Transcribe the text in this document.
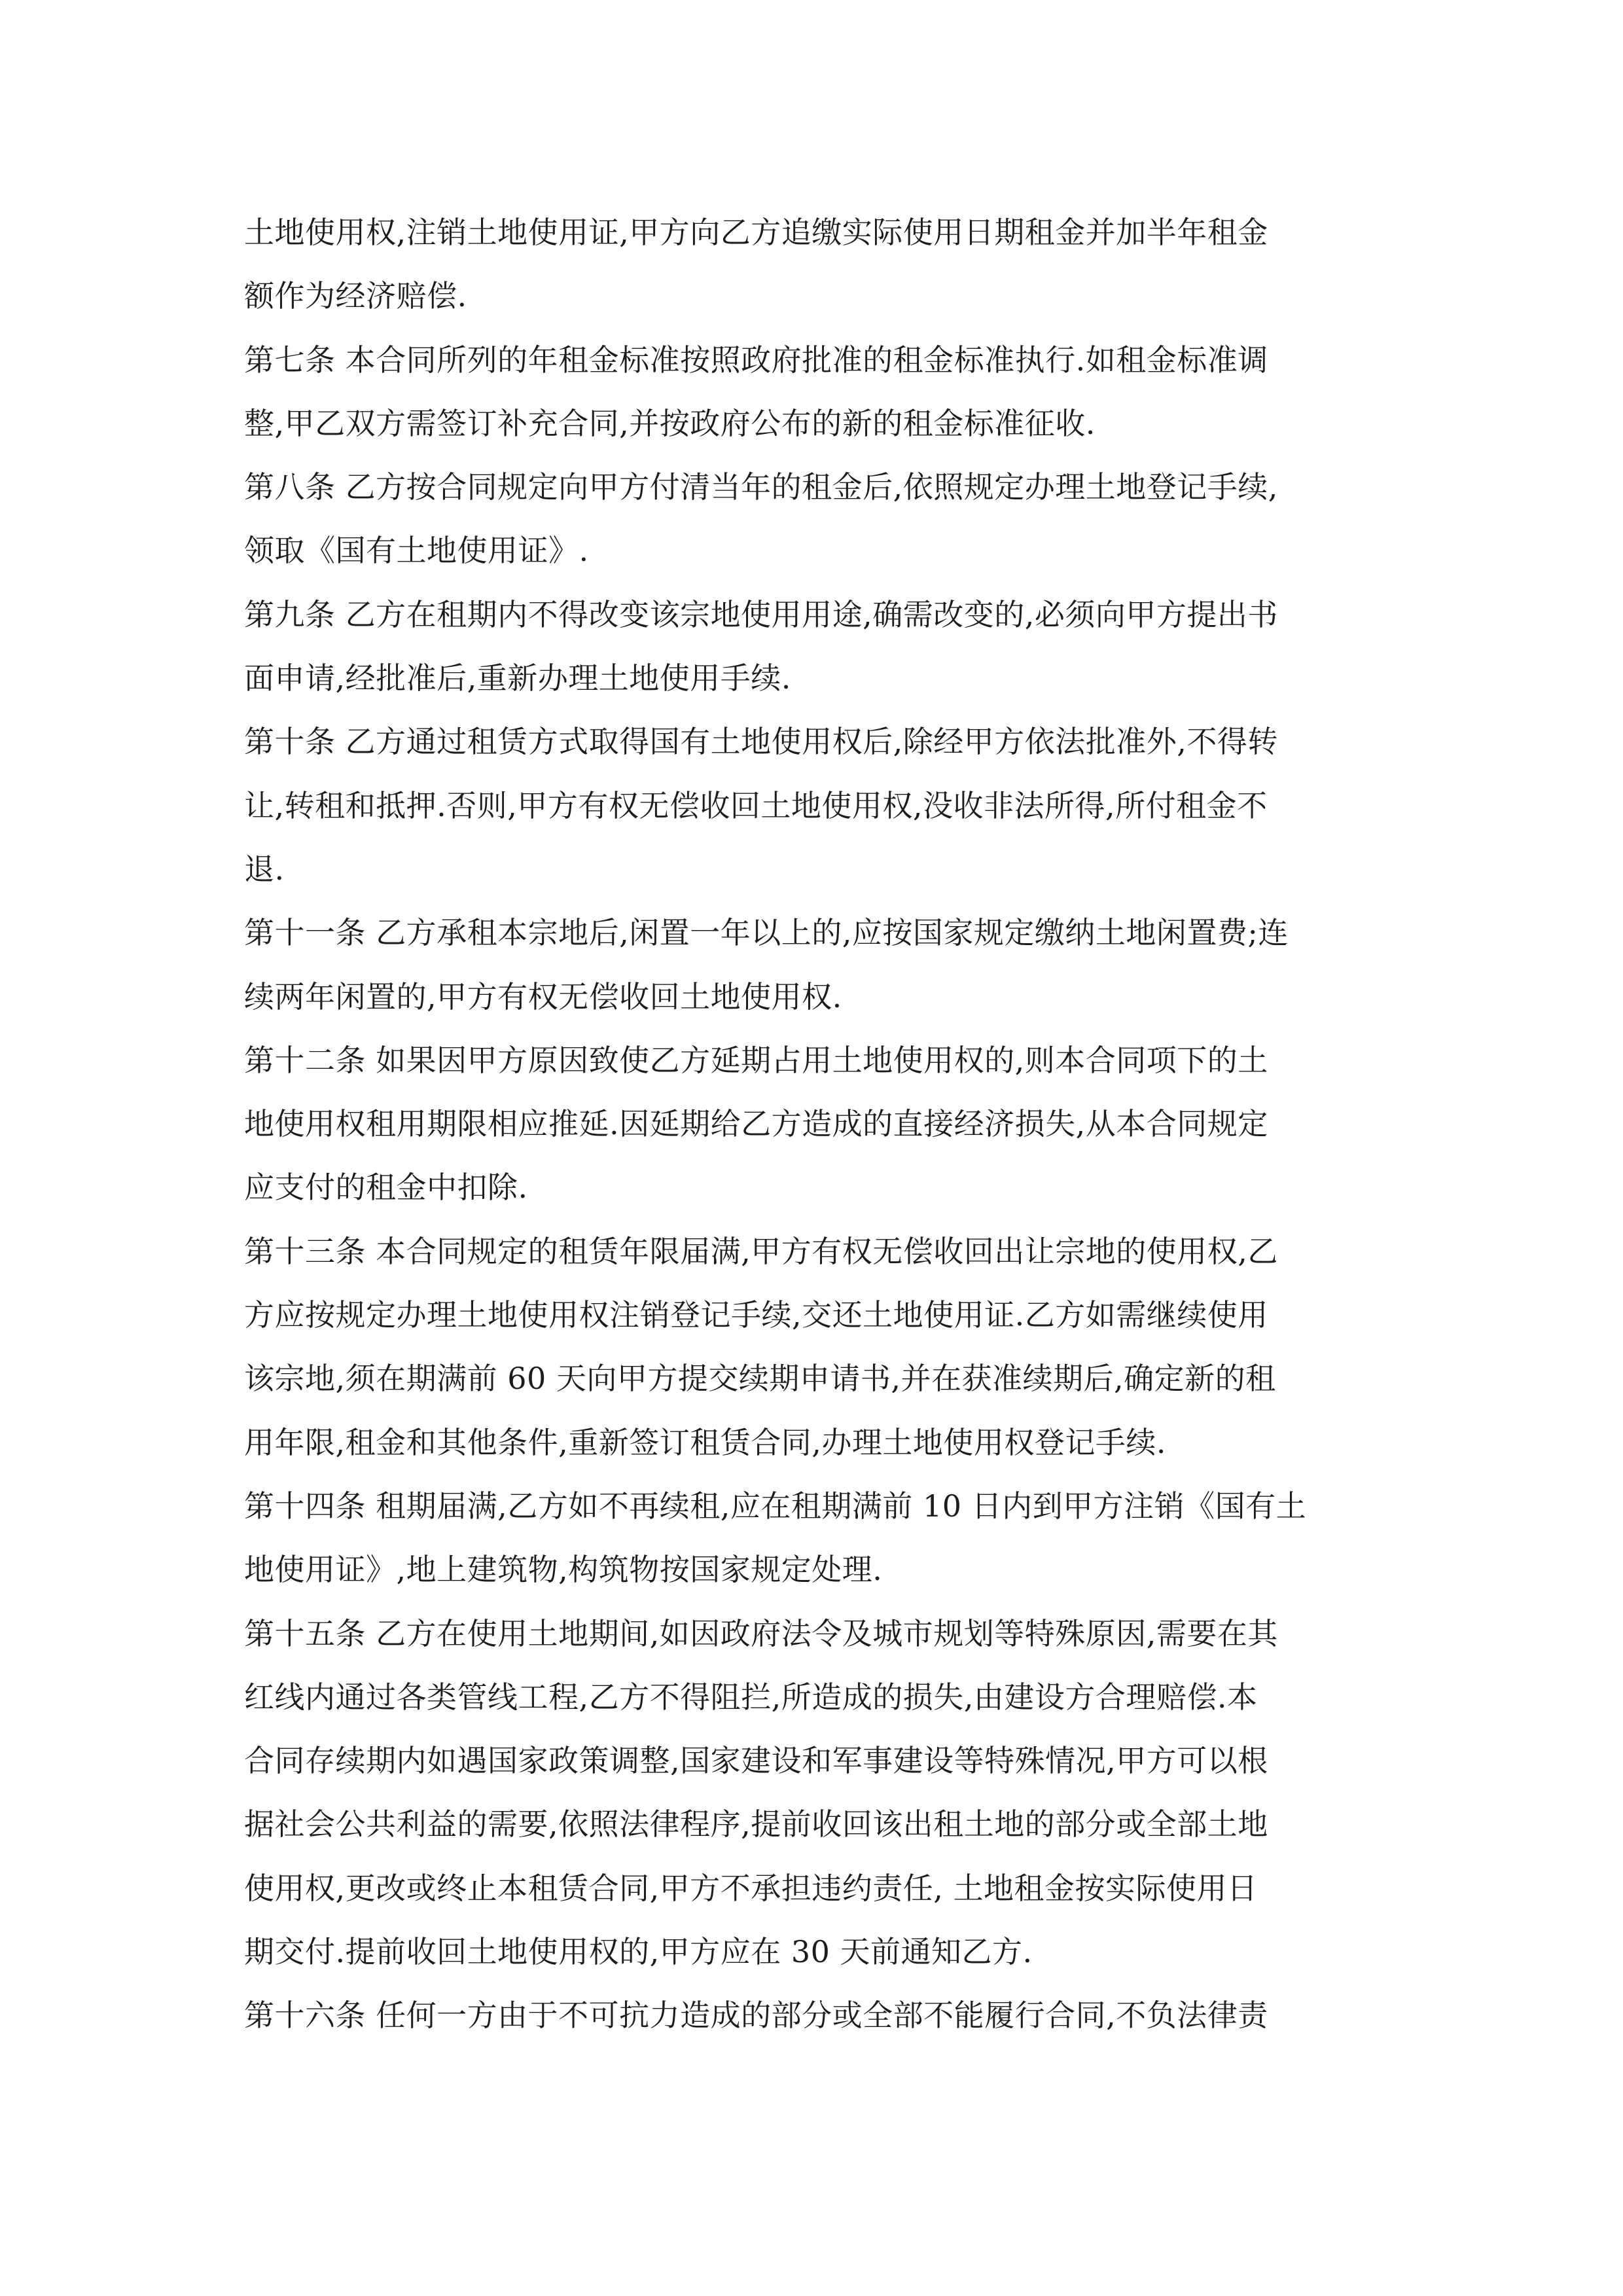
土地使用权,注销土地使用证,甲方向乙方追缴实际使用日期租金并加半年租金
额作为经济赔偿.
第七条 本合同所列的年租金标准按照政府批准的租金标准执行.如租金标准调
整,甲乙双方需签订补充合同,并按政府公布的新的租金标准征收.
第八条 乙方按合同规定向甲方付清当年的租金后,依照规定办理土地登记手续,
领取《国有土地使用证》.
第九条 乙方在租期内不得改变该宗地使用用途,确需改变的,必须向甲方提出书
面申请,经批准后,重新办理土地使用手续.
第十条 乙方通过租赁方式取得国有土地使用权后,除经甲方依法批准外,不得转
让,转租和抵押.否则,甲方有权无偿收回土地使用权,没收非法所得,所付租金不
退.
第十一条 乙方承租本宗地后,闲置一年以上的,应按国家规定缴纳土地闲置费;连
续两年闲置的,甲方有权无偿收回土地使用权.
第十二条 如果因甲方原因致使乙方延期占用土地使用权的,则本合同项下的土
地使用权租用期限相应推延.因延期给乙方造成的直接经济损失,从本合同规定
应支付的租金中扣除.
第十三条 本合同规定的租赁年限届满,甲方有权无偿收回出让宗地的使用权,乙
方应按规定办理土地使用权注销登记手续,交还土地使用证.乙方如需继续使用
该宗地,须在期满前 60 天向甲方提交续期申请书,并在获准续期后,确定新的租
用年限,租金和其他条件,重新签订租赁合同,办理土地使用权登记手续.
第十四条 租期届满,乙方如不再续租,应在租期满前 10 日内到甲方注销《国有土
地使用证》,地上建筑物,构筑物按国家规定处理.
第十五条 乙方在使用土地期间,如因政府法令及城市规划等特殊原因,需要在其
红线内通过各类管线工程,乙方不得阻拦,所造成的损失,由建设方合理赔偿.本
合同存续期内如遇国家政策调整,国家建设和军事建设等特殊情况,甲方可以根
据社会公共利益的需要,依照法律程序,提前收回该出租土地的部分或全部土地
使用权,更改或终止本租赁合同,甲方不承担违约责任, 土地租金按实际使用日
期交付.提前收回土地使用权的,甲方应在 30 天前通知乙方.
第十六条 任何一方由于不可抗力造成的部分或全部不能履行合同,不负法律责
